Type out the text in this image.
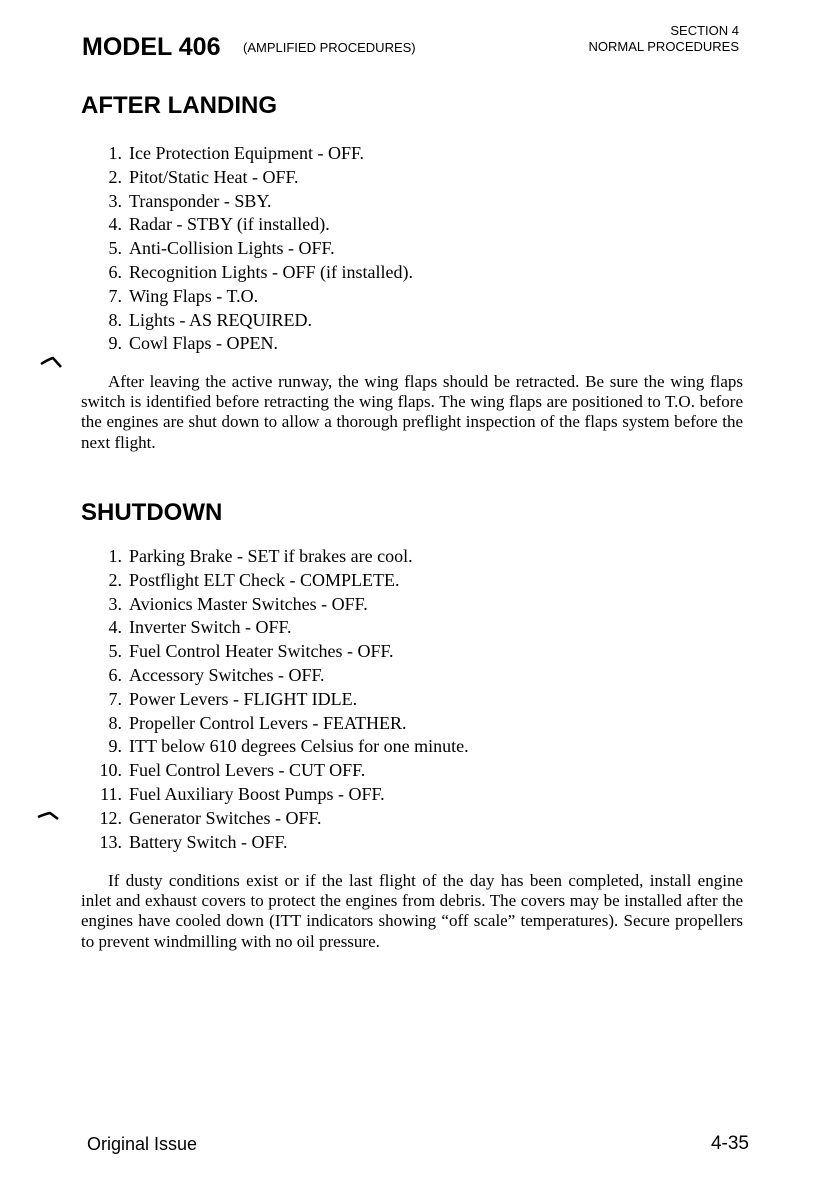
MODEL 406 (AMPLIFIED PROCEDURES)
SECTION 4
NORMAL PROCEDURES
AFTER LANDING
1. Ice Protection Equipment - OFF.
2. Pitot/Static Heat - OFF.
3. Transponder - SBY.
4. Radar - STBY (if installed).
5. Anti-Collision Lights - OFF.
6. Recognition Lights - OFF (if installed).
7. Wing Flaps - T.O.
8. Lights - AS REQUIRED.
9. Cowl Flaps - OPEN.

After leaving the active runway, the wing flaps should be retracted. Be sure the wing flaps switch is identified before retracting the wing flaps. The wing flaps are positioned to T.O. before the engines are shut down to allow a thorough preflight inspection of the flaps system before the next flight.

SHUTDOWN
1. Parking Brake - SET if brakes are cool.
2. Postflight ELT Check - COMPLETE.
3. Avionics Master Switches - OFF.
4. Inverter Switch - OFF.
5. Fuel Control Heater Switches - OFF.
6. Accessory Switches - OFF.
7. Power Levers - FLIGHT IDLE.
8. Propeller Control Levers - FEATHER.
9. ITT below 610 degrees Celsius for one minute.
10. Fuel Control Levers - CUT OFF.
11. Fuel Auxiliary Boost Pumps - OFF.
12. Generator Switches - OFF.
13. Battery Switch - OFF.

If dusty conditions exist or if the last flight of the day has been completed, install engine inlet and exhaust covers to protect the engines from debris. The covers may be installed after the engines have cooled down (ITT indicators showing “off scale” temperatures). Secure propellers to prevent windmilling with no oil pressure.

Original Issue	4-35
